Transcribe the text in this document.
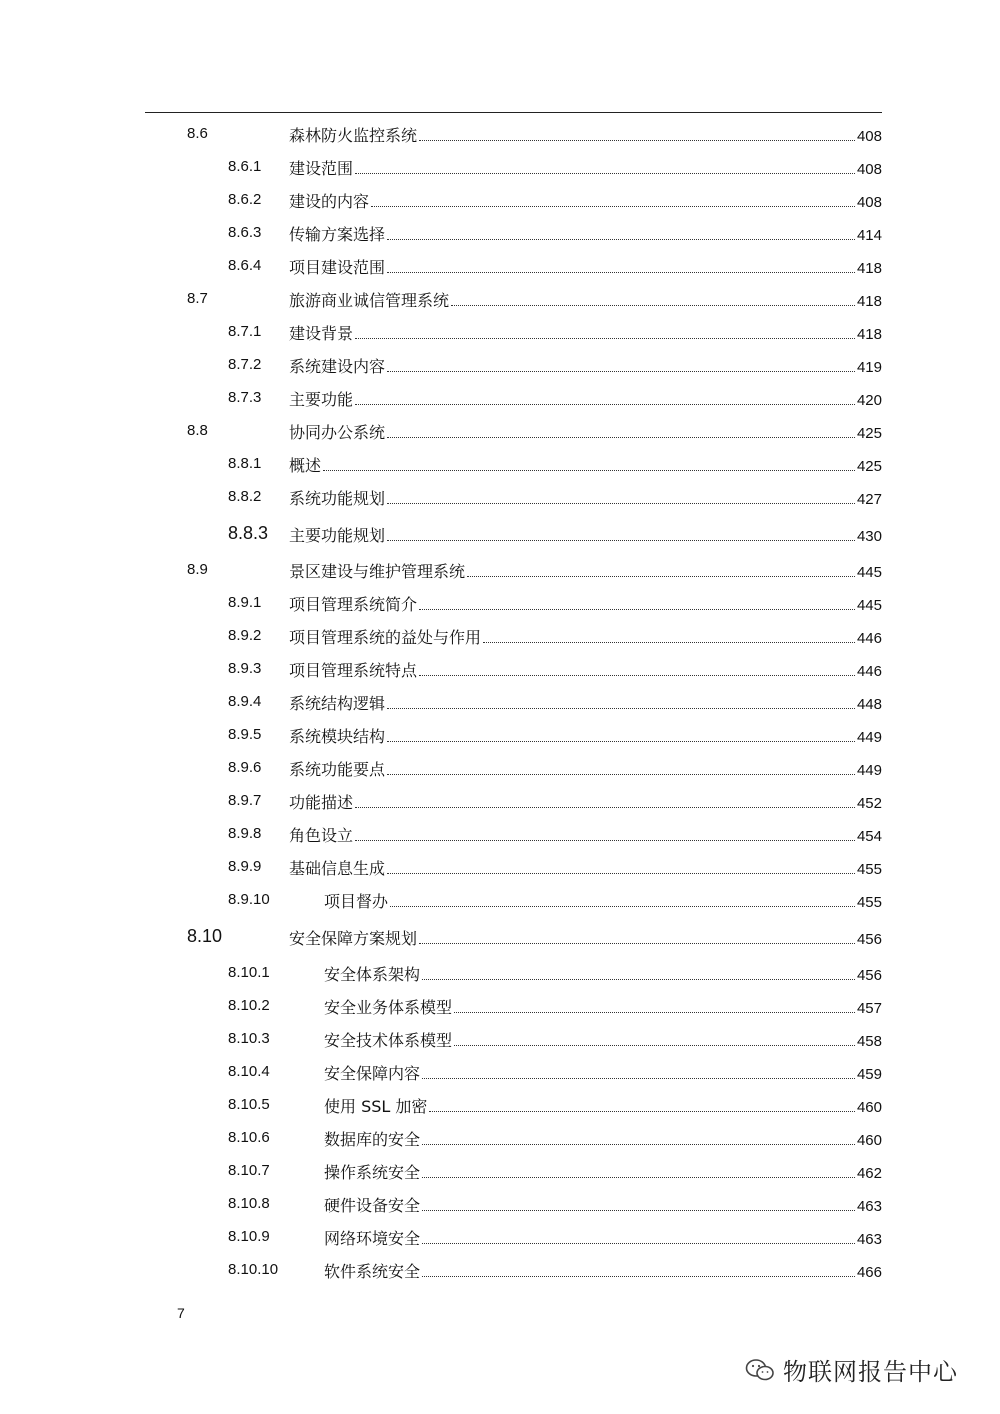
8.6	森林防火监控系统	408
8.6.1 建设范围	408
8.6.2 建设的内容	408
8.6.3 传输方案选择	414
8.6.4 项目建设范围	418
8.7	旅游商业诚信管理系统	418
8.7.1 建设背景	418
8.7.2 系统建设内容	419
8.7.3 主要功能	420
8.8	协同办公系统	425
8.8.1 概述	425
8.8.2 系统功能规划	427
8.8.3 主要功能规划	430
8.9	景区建设与维护管理系统	445
8.9.1 项目管理系统简介	445
8.9.2 项目管理系统的益处与作用	446
8.9.3 项目管理系统特点	446
8.9.4 系统结构逻辑	448
8.9.5 系统模块结构	449
8.9.6 系统功能要点	449
8.9.7 功能描述	452
8.9.8 角色设立	454
8.9.9 基础信息生成	455
8.9.10	项目督办	455
8.10	安全保障方案规划	456
8.10.1	安全体系架构	456
8.10.2	安全业务体系模型	457
8.10.3	安全技术体系模型	458
8.10.4	安全保障内容	459
8.10.5	使用 SSL 加密	460
8.10.6	数据库的安全	460
8.10.7	操作系统安全	462
8.10.8	硬件设备安全	463
8.10.9	网络环境安全	463
8.10.10	软件系统安全	466
7
物联网报告中心
